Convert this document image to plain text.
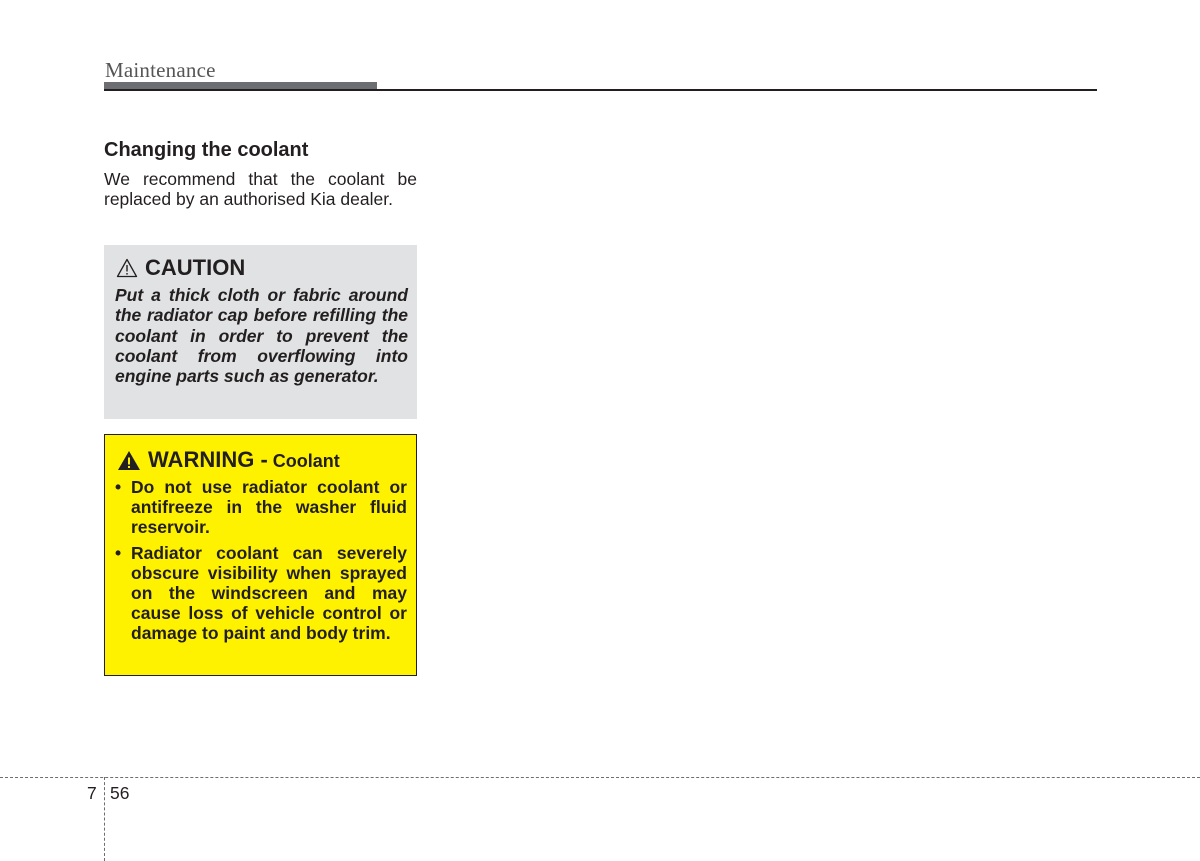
Maintenance
Changing the coolant
We recommend that the coolant be replaced by an authorised Kia dealer.
CAUTION
Put a thick cloth or fabric around the radiator cap before refilling the coolant in order to prevent the coolant from overflowing into engine parts such as generator.
WARNING - Coolant
• Do not use radiator coolant or antifreeze in the washer fluid reservoir.
• Radiator coolant can severely obscure visibility when sprayed on the windscreen and may cause loss of vehicle control or damage to paint and body trim.
7 56
